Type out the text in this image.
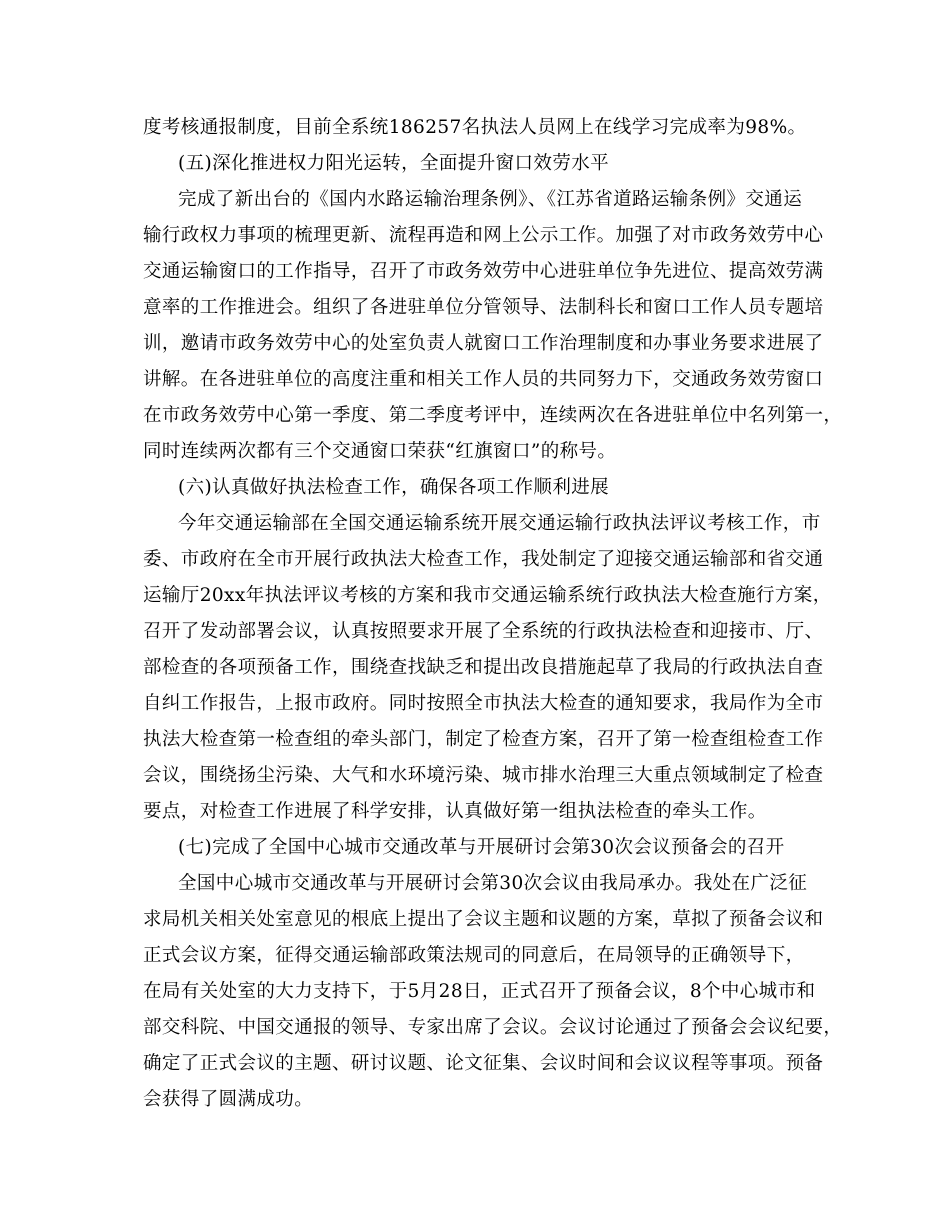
度考核通报制度，目前全系统186257名执法人员网上在线学习完成率为98%。
(五)深化推进权力阳光运转，全面提升窗口效劳水平
完成了新出台的《国内水路运输治理条例》、《江苏省道路运输条例》交通运
输行政权力事项的梳理更新、流程再造和网上公示工作。加强了对市政务效劳中心
交通运输窗口的工作指导，召开了市政务效劳中心进驻单位争先进位、提高效劳满
意率的工作推进会。组织了各进驻单位分管领导、法制科长和窗口工作人员专题培
训，邀请市政务效劳中心的处室负责人就窗口工作治理制度和办事业务要求进展了
讲解。在各进驻单位的高度注重和相关工作人员的共同努力下，交通政务效劳窗口
在市政务效劳中心第一季度、第二季度考评中，连续两次在各进驻单位中名列第一，
同时连续两次都有三个交通窗口荣获“红旗窗口”的称号。
(六)认真做好执法检查工作，确保各项工作顺利进展
今年交通运输部在全国交通运输系统开展交通运输行政执法评议考核工作，市
委、市政府在全市开展行政执法大检查工作，我处制定了迎接交通运输部和省交通
运输厅20xx年执法评议考核的方案和我市交通运输系统行政执法大检查施行方案，
召开了发动部署会议，认真按照要求开展了全系统的行政执法检查和迎接市、厅、
部检查的各项预备工作，围绕查找缺乏和提出改良措施起草了我局的行政执法自查
自纠工作报告，上报市政府。同时按照全市执法大检查的通知要求，我局作为全市
执法大检查第一检查组的牵头部门，制定了检查方案，召开了第一检查组检查工作
会议，围绕扬尘污染、大气和水环境污染、城市排水治理三大重点领域制定了检查
要点，对检查工作进展了科学安排，认真做好第一组执法检查的牵头工作。
(七)完成了全国中心城市交通改革与开展研讨会第30次会议预备会的召开
全国中心城市交通改革与开展研讨会第30次会议由我局承办。我处在广泛征
求局机关相关处室意见的根底上提出了会议主题和议题的方案，草拟了预备会议和
正式会议方案，征得交通运输部政策法规司的同意后，在局领导的正确领导下，
在局有关处室的大力支持下，于5月28日，正式召开了预备会议，8个中心城市和
部交科院、中国交通报的领导、专家出席了会议。会议讨论通过了预备会会议纪要，
确定了正式会议的主题、研讨议题、论文征集、会议时间和会议议程等事项。预备
会获得了圆满成功。
